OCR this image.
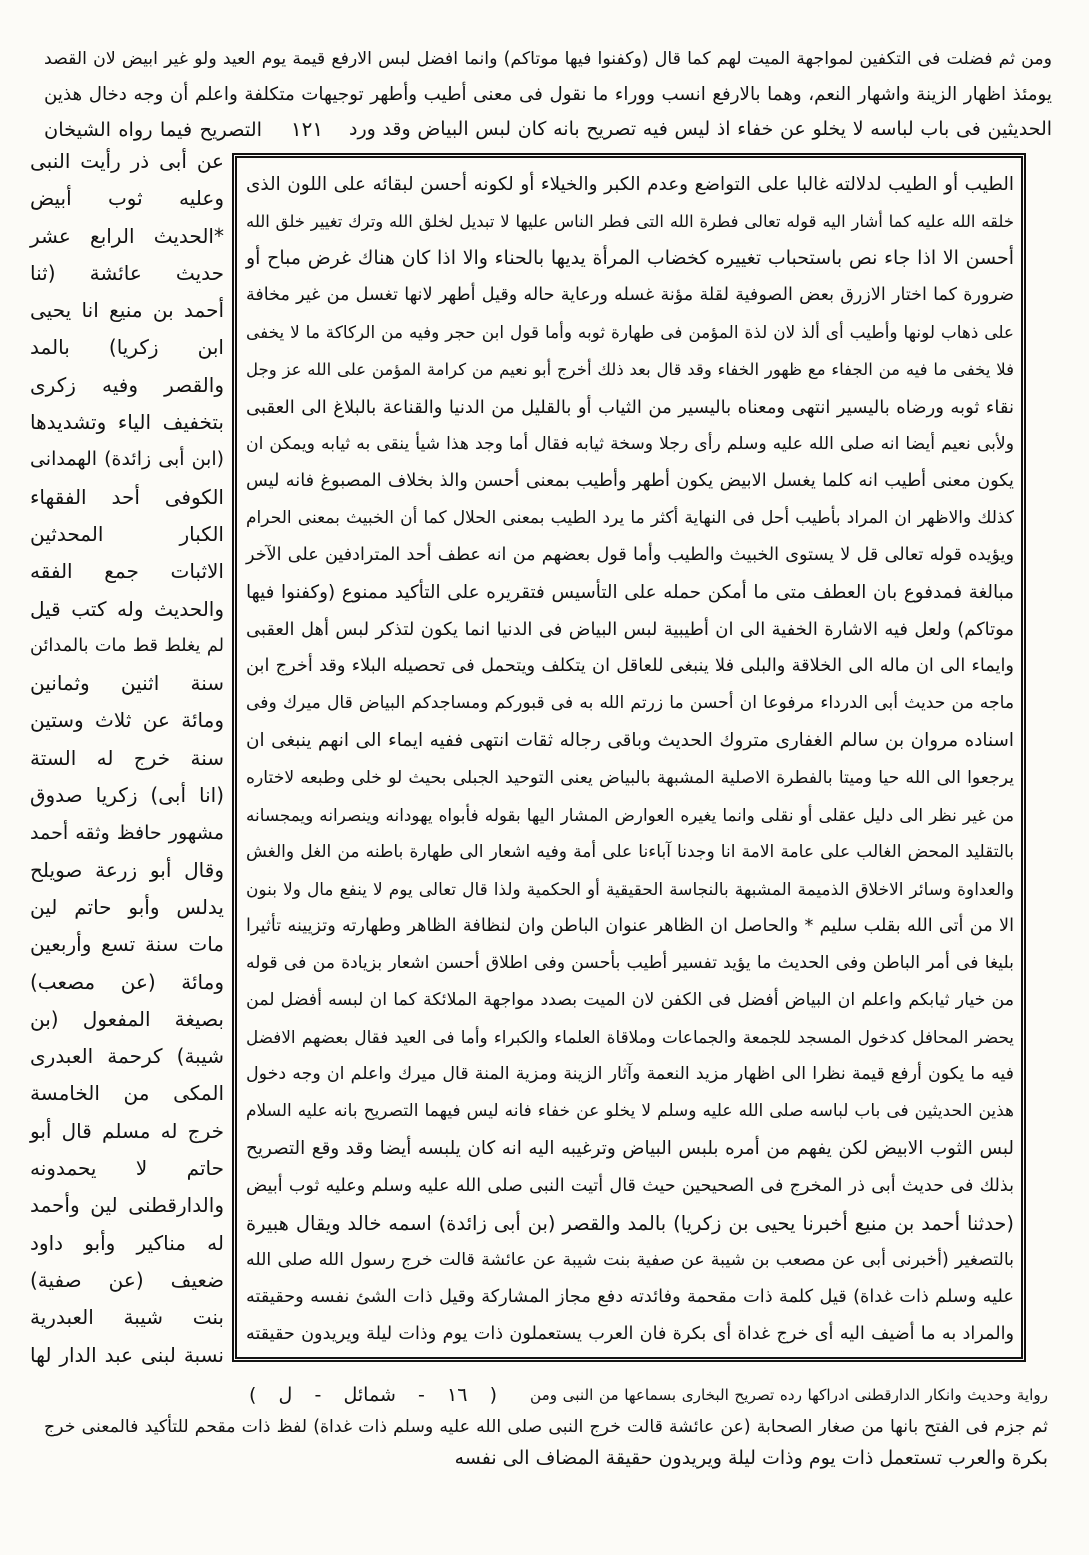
ومن ثم فضلت فى التكفين لمواجهة الميت لهم كما قال (وكفنوا فيها موتاكم) وانما افضل لبس الارفع قيمة يوم العيد ولو غير ابيض لان القصد
يومئذ اظهار الزينة واشهار النعم، وهما بالارفع انسب ووراء ما نقول فى معنى أطيب وأطهر توجيهات متكلفة واعلم أن وجه دخال هذين
الحديثين فى باب لباسه لا يخلو عن خفاء اذ ليس فيه تصريح بانه كان لبس البياض وقد ورد
١٢١
التصريح فيما رواه الشيخان
الطيب أو الطيب لدلالته غالبا على التواضع وعدم الكبر والخيلاء أو لكونه أحسن لبقائه على اللون الذى
خلقه الله عليه كما أشار اليه قوله تعالى فطرة الله التى فطر الناس عليها لا تبديل لخلق الله وترك تغيير خلق الله
أحسن الا اذا جاء نص باستحباب تغييره كخضاب المرأة يديها بالحناء والا اذا كان هناك غرض مباح أو
ضرورة كما اختار الازرق بعض الصوفية لقلة مؤنة غسله ورعاية حاله وقيل أطهر لانها تغسل من غير مخافة
على ذهاب لونها وأطيب أى ألذ لان لذة المؤمن فى طهارة ثوبه وأما قول ابن حجر وفيه من الركاكة ما لا يخفى
فلا يخفى ما فيه من الجفاء مع ظهور الخفاء وقد قال بعد ذلك أخرج أبو نعيم من كرامة المؤمن على الله عز وجل
نقاء ثوبه ورضاه باليسير انتهى ومعناه باليسير من الثياب أو بالقليل من الدنيا والقناعة بالبلاغ الى العقبى
ولأبى نعيم أيضا انه صلى الله عليه وسلم رأى رجلا وسخة ثيابه فقال أما وجد هذا شيأ ينقى به ثيابه ويمكن ان
يكون معنى أطيب انه كلما يغسل الابيض يكون أطهر وأطيب بمعنى أحسن والذ بخلاف المصبوغ فانه ليس
كذلك والاظهر ان المراد بأطيب أحل فى النهاية أكثر ما يرد الطيب بمعنى الحلال كما أن الخبيث بمعنى الحرام
ويؤيده قوله تعالى قل لا يستوى الخبيث والطيب وأما قول بعضهم من انه عطف أحد المترادفين على الآخر
مبالغة فمدفوع بان العطف متى ما أمكن حمله على التأسيس فتقريره على التأكيد ممنوع (وكفنوا فيها
موتاكم) ولعل فيه الاشارة الخفية الى ان أطيبية لبس البياض فى الدنيا انما يكون لتذكر لبس أهل العقبى
وايماء الى ان ماله الى الخلاقة والبلى فلا ينبغى للعاقل ان يتكلف ويتحمل فى تحصيله البلاء وقد أخرج ابن
ماجه من حديث أبى الدرداء مرفوعا ان أحسن ما زرتم الله به فى قبوركم ومساجدكم البياض قال ميرك وفى
اسناده مروان بن سالم الغفارى متروك الحديث وباقى رجاله ثقات انتهى ففيه ايماء الى انهم ينبغى ان
يرجعوا الى الله حيا وميتا بالفطرة الاصلية المشبهة بالبياض يعنى التوحيد الجبلى بحيث لو خلى وطبعه لاختاره
من غير نظر الى دليل عقلى أو نقلى وانما يغيره العوارض المشار اليها بقوله فأبواه يهودانه وينصرانه ويمجسانه
بالتقليد المحض الغالب على عامة الامة انا وجدنا آباءنا على أمة وفيه اشعار الى طهارة باطنه من الغل والغش
والعداوة وسائر الاخلاق الذميمة المشبهة بالنجاسة الحقيقية أو الحكمية ولذا قال تعالى يوم لا ينفع مال ولا بنون
الا من أتى الله بقلب سليم * والحاصل ان الظاهر عنوان الباطن وان لنظافة الظاهر وطهارته وتزيينه تأثيرا
بليغا فى أمر الباطن وفى الحديث ما يؤيد تفسير أطيب بأحسن وفى اطلاق أحسن اشعار بزيادة من فى قوله
من خيار ثيابكم واعلم ان البياض أفضل فى الكفن لان الميت بصدد مواجهة الملائكة كما ان لبسه أفضل لمن
يحضر المحافل كدخول المسجد للجمعة والجماعات وملاقاة العلماء والكبراء وأما فى العيد فقال بعضهم الافضل
فيه ما يكون أرفع قيمة نظرا الى اظهار مزيد النعمة وآثار الزينة ومزية المنة قال ميرك واعلم ان وجه دخول
هذين الحديثين فى باب لباسه صلى الله عليه وسلم لا يخلو عن خفاء فانه ليس فيهما التصريح بانه عليه السلام
لبس الثوب الابيض لكن يفهم من أمره بلبس البياض وترغيبه اليه انه كان يلبسه أيضا وقد وقع التصريح
بذلك فى حديث أبى ذر المخرج فى الصحيحين حيث قال أتيت النبى صلى الله عليه وسلم وعليه ثوب أبيض
(حدثنا أحمد بن منيع أخبرنا يحيى بن زكريا) بالمد والقصر (بن أبى زائدة) اسمه خالد ويقال هبيرة
بالتصغير (أخبرنى أبى عن مصعب بن شيبة عن صفية بنت شيبة عن عائشة قالت خرج رسول الله صلى الله
عليه وسلم ذات غداة) قيل كلمة ذات مقحمة وفائدته دفع مجاز المشاركة وقيل ذات الشئ نفسه وحقيقته
والمراد به ما أضيف اليه أى خرج غداة أى بكرة فان العرب يستعملون ذات يوم وذات ليلة ويريدون حقيقته
عن أبى ذر رأيت النبى
وعليه ثوب أبيض
*الحديث الرابع عشر
حديث عائشة (ثنا
أحمد بن منيع انا يحيى
ابن زكريا) بالمد
والقصر وفيه زكرى
بتخفيف الياء وتشديدها
(ابن أبى زائدة) الهمدانى
الكوفى أحد الفقهاء
الكبار المحدثين
الاثبات جمع الفقه
والحديث وله كتب قيل
لم يغلط قط مات بالمدائن
سنة اثنين وثمانين
ومائة عن ثلاث وستين
سنة خرج له الستة
(انا أبى) زكريا صدوق
مشهور حافظ وثقه أحمد
وقال أبو زرعة صويلح
يدلس وأبو حاتم لين
مات سنة تسع وأربعين
ومائة (عن مصعب)
بصيغة المفعول (بن
شيبة) كرحمة العبدرى
المكى من الخامسة
خرج له مسلم قال أبو
حاتم لا يحمدونه
والدارقطنى لين وأحمد
له مناكير وأبو داود
ضعيف (عن صفية)
بنت شيبة العبدرية
نسبة لبنى عبد الدار لها
رواية وحديث وانكار الدارقطنى ادراكها رده تصريح البخارى بسماعها من النبى ومن
( ١٦ - شمائل - ل )
ثم جزم فى الفتح بانها من صغار الصحابة (عن عائشة قالت خرج النبى صلى الله عليه وسلم ذات غداة) لفظ ذات مقحم للتأكيد فالمعنى خرج
بكرة والعرب تستعمل ذات يوم وذات ليلة ويريدون حقيقة المضاف الى نفسه
